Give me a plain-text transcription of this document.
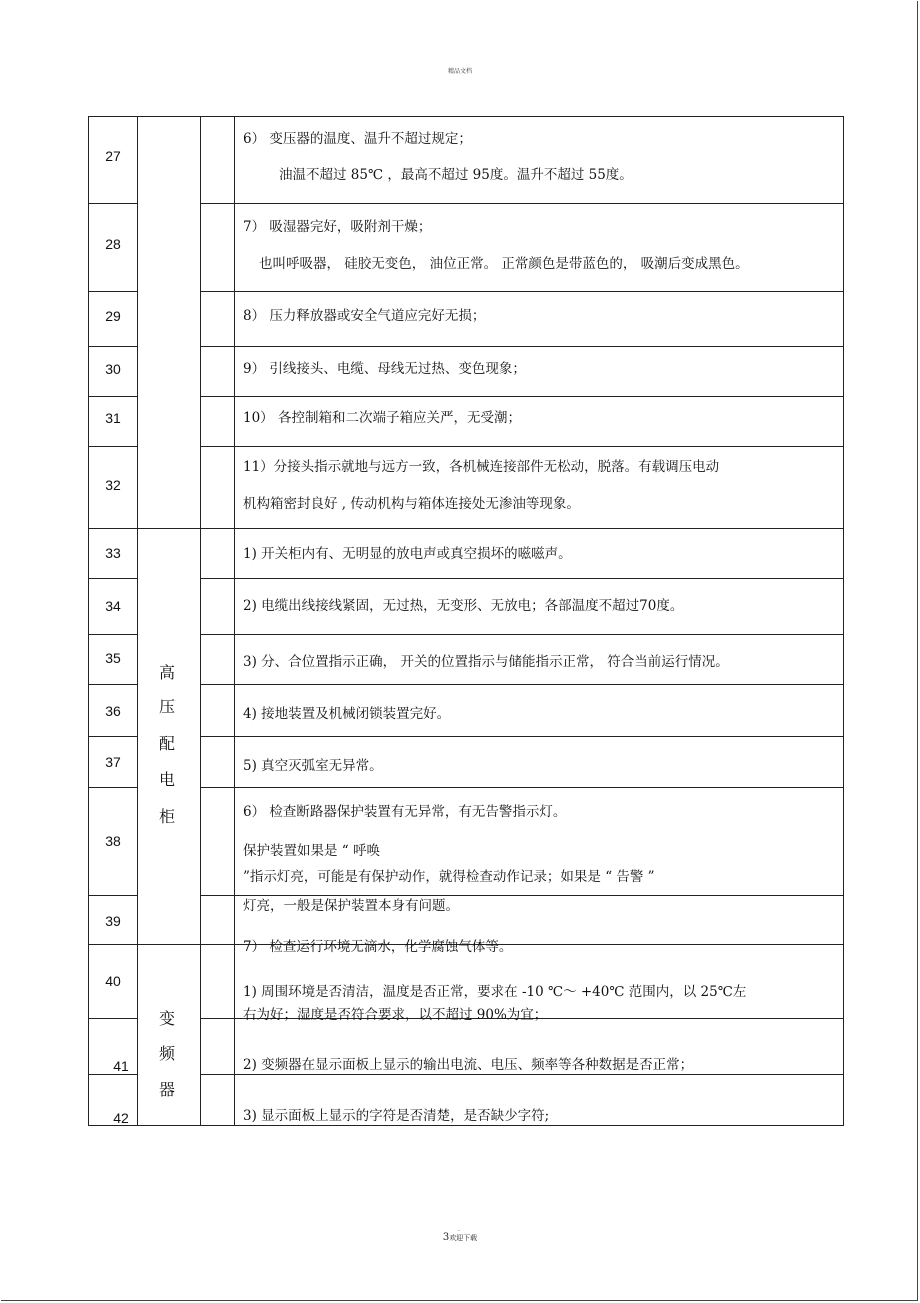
精品文档
27
28
29
30
31
32
33
34
35
36
37
38
39
40
41
42
高
压
配
电
柜
变
频
器
6） 变压器的温度、温升不超过规定；
油温不超过 85℃ ，最高不超过 95度。温升不超过 55度。
7） 吸湿器完好，吸附剂干燥；
也叫呼吸器， 硅胶无变色， 油位正常。 正常颜色是带蓝色的， 吸潮后变成黑色。
8） 压力释放器或安全气道应完好无损；
9） 引线接头、电缆、母线无过热、变色现象；
10） 各控制箱和二次端子箱应关严，无受潮；
11）分接头指示就地与远方一致，各机械连接部件无松动，脱落。有载调压电动
机构箱密封良好 , 传动机构与箱体连接处无渗油等现象。
1) 开关柜内有、无明显的放电声或真空损坏的嗞嗞声。
2) 电缆出线接线紧固，无过热，无变形、无放电；各部温度不超过70度。
3) 分、合位置指示正确， 开关的位置指示与储能指示正常， 符合当前运行情况。
4) 接地装置及机械闭锁装置完好。
5) 真空灭弧室无异常。
6） 检查断路器保护装置有无异常，有无告警指示灯。
保护装置如果是 “ 呼唤
”指示灯亮，可能是有保护动作，就得检查动作记录；如果是 “ 告警 ”
灯亮，一般是保护装置本身有问题。
7） 检查运行环境无滴水，化学腐蚀气体等。
1) 周围环境是否清洁，温度是否正常，要求在 -10 ℃～ +40℃ 范围内，以 25℃左
右为好；湿度是否符合要求，以不超过 90%为宜；
2) 变频器在显示面板上显示的输出电流、电压、频率等各种数据是否正常；
3) 显示面板上显示的字符是否清楚，是否缺少字符;
.
3欢迎下载
